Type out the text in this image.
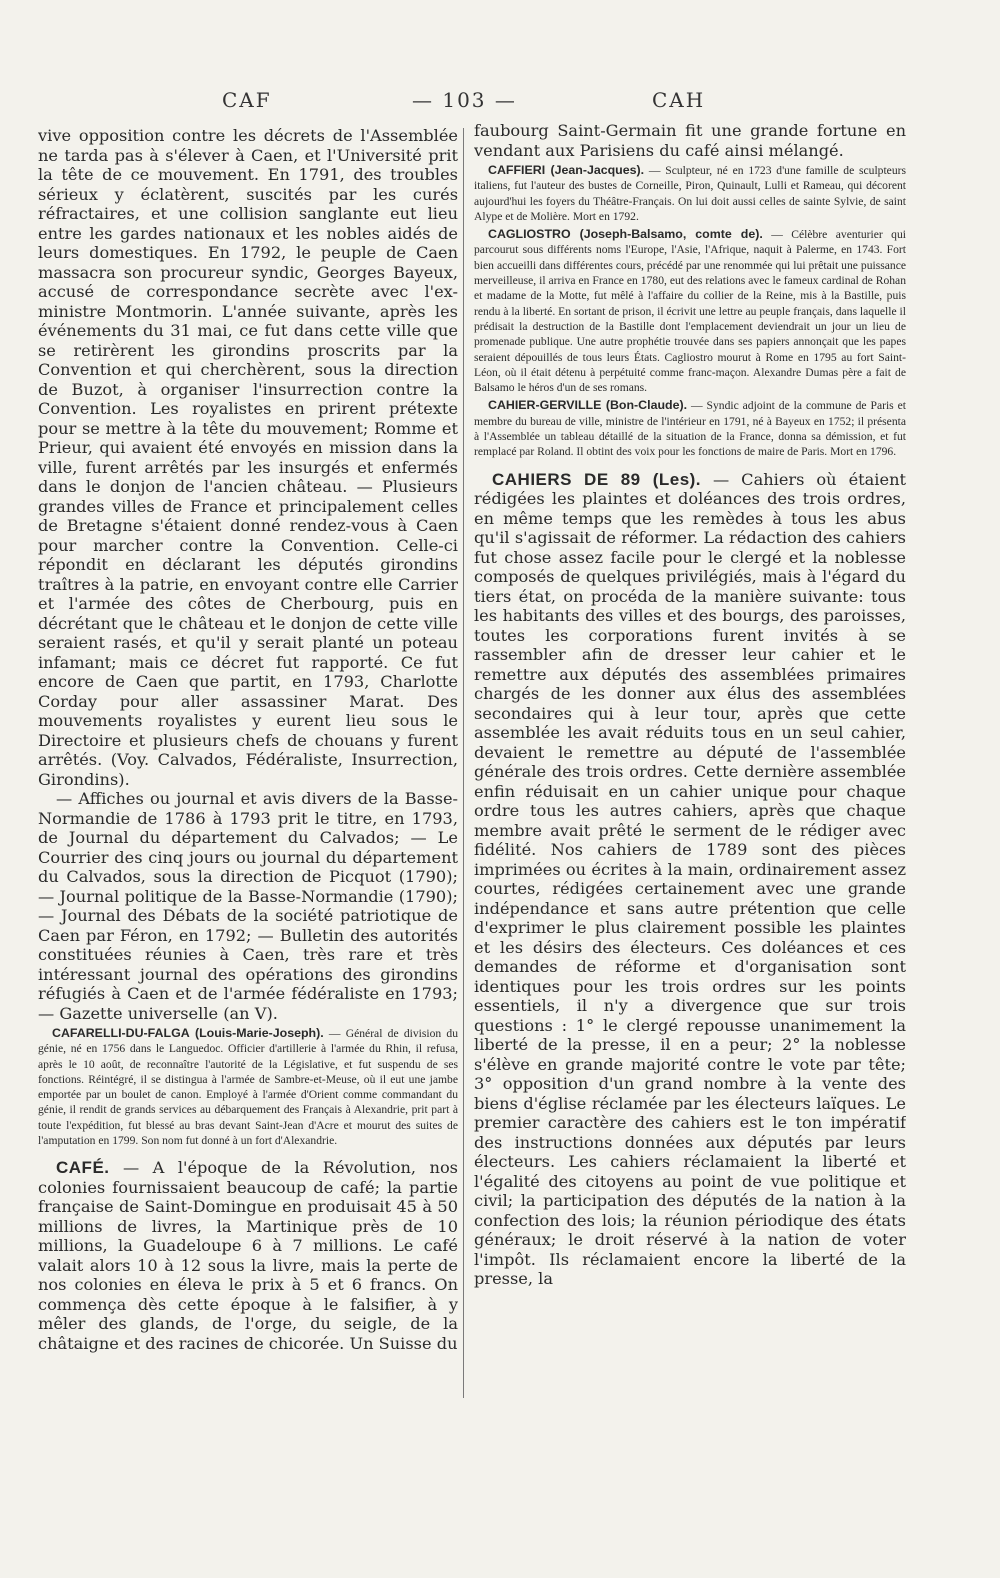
CAF	— 103 —	CAH

vive opposition contre les décrets de l'Assemblée ne tarda pas à s'élever à Caen, et l'Université prit la tête de ce mouvement. En 1791, des troubles sérieux y éclatèrent, suscités par les curés réfractaires, et une collision sanglante eut lieu entre les gardes nationaux et les nobles aidés de leurs domestiques. En 1792, le peuple de Caen massacra son procureur syndic, Georges Bayeux, accusé de correspondance secrète avec l'ex-ministre Montmorin. L'année suivante, après les événements du 31 mai, ce fut dans cette ville que se retirèrent les girondins proscrits par la Convention et qui cherchèrent, sous la direction de Buzot, à organiser l'insurrection contre la Convention. Les royalistes en prirent prétexte pour se mettre à la tête du mouvement; Romme et Prieur, qui avaient été envoyés en mission dans la ville, furent arrêtés par les insurgés et enfermés dans le donjon de l'ancien château. — Plusieurs grandes villes de France et principalement celles de Bretagne s'étaient donné rendez-vous à Caen pour marcher contre la Convention. Celle-ci répondit en déclarant les députés girondins traîtres à la patrie, en envoyant contre elle Carrier et l'armée des côtes de Cherbourg, puis en décrétant que le château et le donjon de cette ville seraient rasés, et qu'il y serait planté un poteau infamant; mais ce décret fut rapporté. Ce fut encore de Caen que partit, en 1793, Charlotte Corday pour aller assassiner Marat. Des mouvements royalistes y eurent lieu sous le Directoire et plusieurs chefs de chouans y furent arrêtés. (Voy. Calvados, Fédéraliste, Insurrection, Girondins).

— Affiches ou journal et avis divers de la Basse-Normandie de 1786 à 1793 prit le titre, en 1793, de Journal du département du Calvados; — Le Courrier des cinq jours ou journal du département du Calvados, sous la direction de Picquot (1790); — Journal politique de la Basse-Normandie (1790); — Journal des Débats de la société patriotique de Caen par Féron, en 1792; — Bulletin des autorités constituées réunies à Caen, très rare et très intéressant journal des opérations des girondins réfugiés à Caen et de l'armée fédéraliste en 1793; — Gazette universelle (an V).

CAFARELLI-DU-FALGA (Louis-Marie-Joseph). — Général de division du génie, né en 1756 dans le Languedoc. Officier d'artillerie à l'armée du Rhin, il refusa, après le 10 août, de reconnaître l'autorité de la Législative, et fut suspendu de ses fonctions. Réintégré, il se distingua à l'armée de Sambre-et-Meuse, où il eut une jambe emportée par un boulet de canon. Employé à l'armée d'Orient comme commandant du génie, il rendit de grands services au débarquement des Français à Alexandrie, prit part à toute l'expédition, fut blessé au bras devant Saint-Jean d'Acre et mourut des suites de l'amputation en 1799. Son nom fut donné à un fort d'Alexandrie.

CAFÉ. — A l'époque de la Révolution, nos colonies fournissaient beaucoup de café; la partie française de Saint-Domingue en produisait 45 à 50 millions de livres, la Martinique près de 10 millions, la Guadeloupe 6 à 7 millions. Le café valait alors 10 à 12 sous la livre, mais la perte de nos colonies en éleva le prix à 5 et 6 francs. On commença dès cette époque à le falsifier, à y mêler des glands, de l'orge, du seigle, de la châtaigne et des racines de chicorée. Un Suisse du

faubourg Saint-Germain fit une grande fortune en vendant aux Parisiens du café ainsi mélangé.

CAFFIERI (Jean-Jacques). — Sculpteur, né en 1723 d'une famille de sculpteurs italiens, fut l'auteur des bustes de Corneille, Piron, Quinault, Lulli et Rameau, qui décorent aujourd'hui les foyers du Théâtre-Français. On lui doit aussi celles de sainte Sylvie, de saint Alype et de Molière. Mort en 1792.

CAGLIOSTRO (Joseph-Balsamo, comte de). — Célèbre aventurier qui parcourut sous différents noms l'Europe, l'Asie, l'Afrique, naquit à Palerme, en 1743. Fort bien accueilli dans différentes cours, précédé par une renommée qui lui prêtait une puissance merveilleuse, il arriva en France en 1780, eut des relations avec le fameux cardinal de Rohan et madame de la Motte, fut mêlé à l'affaire du collier de la Reine, mis à la Bastille, puis rendu à la liberté. En sortant de prison, il écrivit une lettre au peuple français, dans laquelle il prédisait la destruction de la Bastille dont l'emplacement deviendrait un jour un lieu de promenade publique. Une autre prophétie trouvée dans ses papiers annonçait que les papes seraient dépouillés de tous leurs États. Cagliostro mourut à Rome en 1795 au fort Saint-Léon, où il était détenu à perpétuité comme franc-maçon. Alexandre Dumas père a fait de Balsamo le héros d'un de ses romans.

CAHIER-GERVILLE (Bon-Claude). — Syndic adjoint de la commune de Paris et membre du bureau de ville, ministre de l'intérieur en 1791, né à Bayeux en 1752; il présenta à l'Assemblée un tableau détaillé de la situation de la France, donna sa démission, et fut remplacé par Roland. Il obtint des voix pour les fonctions de maire de Paris. Mort en 1796.

CAHIERS DE 89 (Les). — Cahiers où étaient rédigées les plaintes et doléances des trois ordres, en même temps que les remèdes à tous les abus qu'il s'agissait de réformer. La rédaction des cahiers fut chose assez facile pour le clergé et la noblesse composés de quelques privilégiés, mais à l'égard du tiers état, on procéda de la manière suivante: tous les habitants des villes et des bourgs, des paroisses, toutes les corporations furent invités à se rassembler afin de dresser leur cahier et le remettre aux députés des assemblées primaires chargés de les donner aux élus des assemblées secondaires qui à leur tour, après que cette assemblée les avait réduits tous en un seul cahier, devaient le remettre au député de l'assemblée générale des trois ordres. Cette dernière assemblée enfin réduisait en un cahier unique pour chaque ordre tous les autres cahiers, après que chaque membre avait prêté le serment de le rédiger avec fidélité. Nos cahiers de 1789 sont des pièces imprimées ou écrites à la main, ordinairement assez courtes, rédigées certainement avec une grande indépendance et sans autre prétention que celle d'exprimer le plus clairement possible les plaintes et les désirs des électeurs. Ces doléances et ces demandes de réforme et d'organisation sont identiques pour les trois ordres sur les points essentiels, il n'y a divergence que sur trois questions : 1° le clergé repousse unanimement la liberté de la presse, il en a peur; 2° la noblesse s'élève en grande majorité contre le vote par tête; 3° opposition d'un grand nombre à la vente des biens d'église réclamée par les électeurs laïques. Le premier caractère des cahiers est le ton impératif des instructions données aux députés par leurs électeurs. Les cahiers réclamaient la liberté et l'égalité des citoyens au point de vue politique et civil; la participation des députés de la nation à la confection des lois; la réunion périodique des états généraux; le droit réservé à la nation de voter l'impôt. Ils réclamaient encore la liberté de la presse, la
